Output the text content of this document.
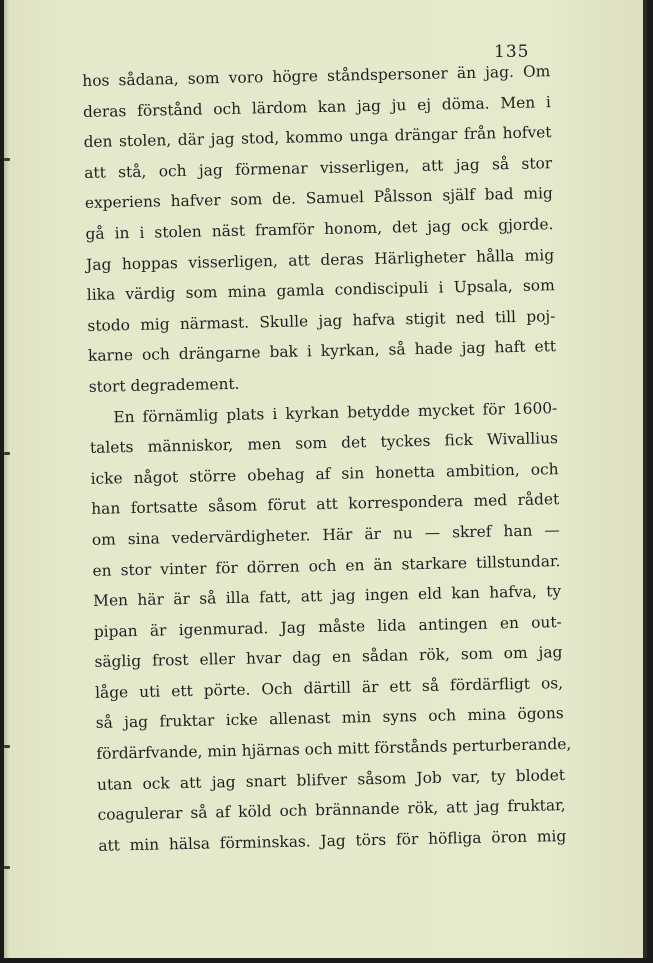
135
hos sådana, som voro högre ståndspersoner än jag. Om
deras förstånd och lärdom kan jag ju ej döma. Men i
den stolen, där jag stod, kommo unga drängar från hofvet
att stå, och jag förmenar visserligen, att jag så stor
experiens hafver som de. Samuel Pålsson själf bad mig
gå in i stolen näst framför honom, det jag ock gjorde.
Jag hoppas visserligen, att deras Härligheter hålla mig
lika värdig som mina gamla condiscipuli i Upsala, som
stodo mig närmast. Skulle jag hafva stigit ned till poj-
karne och drängarne bak i kyrkan, så hade jag haft ett
stort degradement.
En förnämlig plats i kyrkan betydde mycket för 1600-
talets människor, men som det tyckes fick Wivallius
icke något större obehag af sin honetta ambition, och
han fortsatte såsom förut att korrespondera med rådet
om sina vedervärdigheter. Här är nu — skref han —
en stor vinter för dörren och en än starkare tillstundar.
Men här är så illa fatt, att jag ingen eld kan hafva, ty
pipan är igenmurad. Jag måste lida antingen en out-
säglig frost eller hvar dag en sådan rök, som om jag
låge uti ett pörte. Och därtill är ett så fördärfligt os,
så jag fruktar icke allenast min syns och mina ögons
fördärfvande, min hjärnas och mitt förstånds perturberande,
utan ock att jag snart blifver såsom Job var, ty blodet
coagulerar så af köld och brännande rök, att jag fruktar,
att min hälsa förminskas. Jag törs för höfliga öron mig
